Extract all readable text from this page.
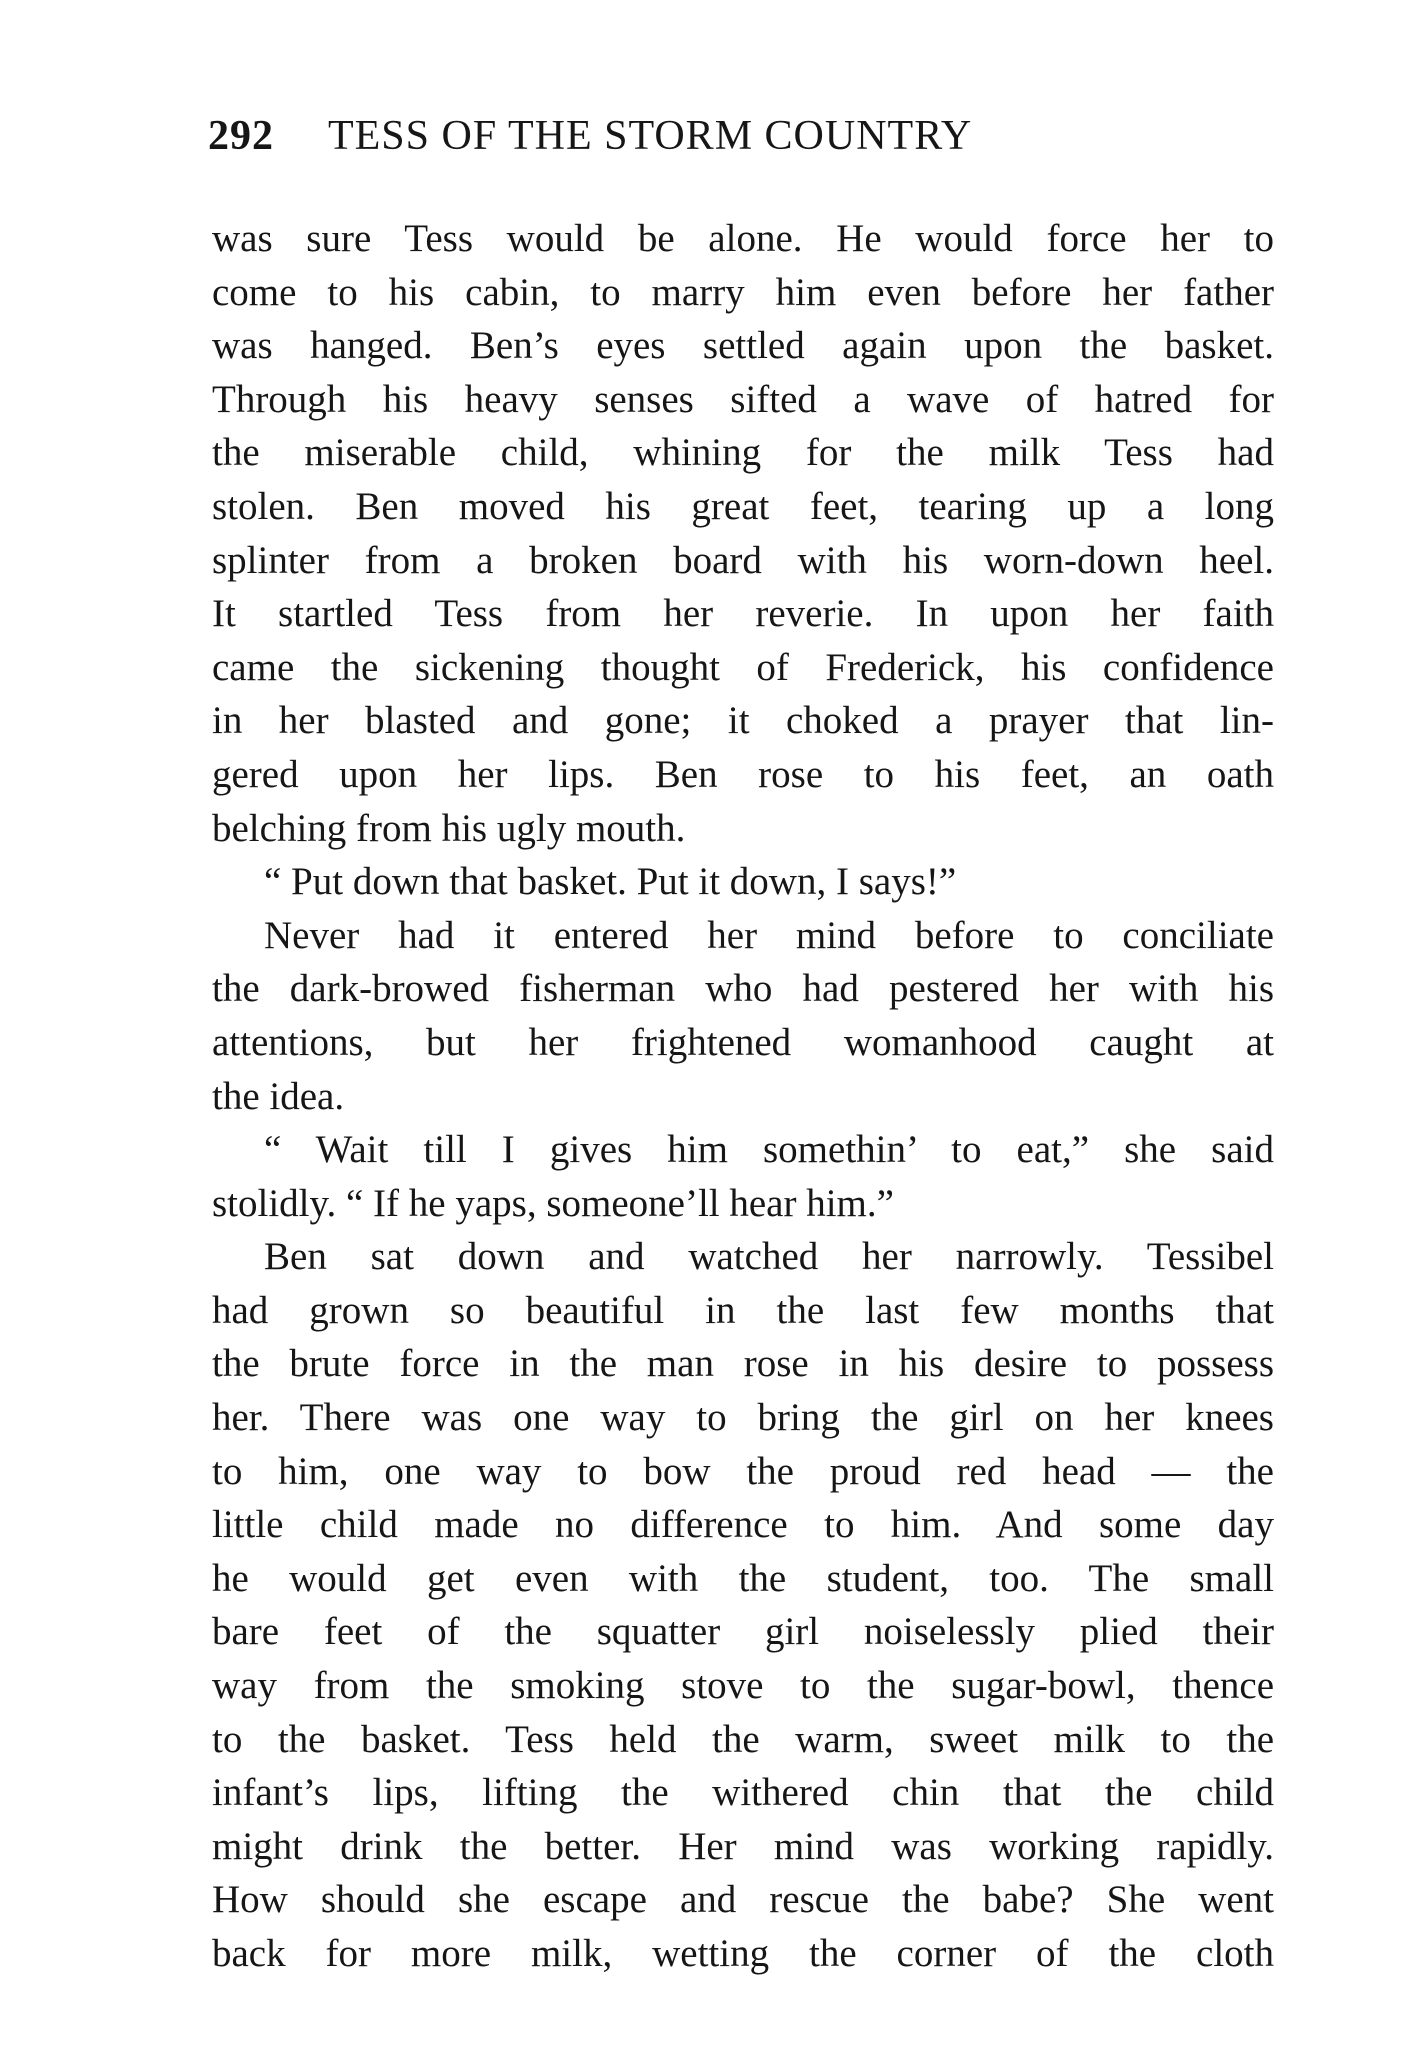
292 TESS OF THE STORM COUNTRY
was sure Tess would be alone. He would force her to
come to his cabin, to marry him even before her father
was hanged. Ben’s eyes settled again upon the basket.
Through his heavy senses sifted a wave of hatred for
the miserable child, whining for the milk Tess had
stolen. Ben moved his great feet, tearing up a long
splinter from a broken board with his worn-down heel.
It startled Tess from her reverie. In upon her faith
came the sickening thought of Frederick, his confidence
in her blasted and gone; it choked a prayer that lin-
gered upon her lips. Ben rose to his feet, an oath
belching from his ugly mouth.
“ Put down that basket. Put it down, I says!”
Never had it entered her mind before to conciliate
the dark-browed fisherman who had pestered her with his
attentions, but her frightened womanhood caught at
the idea.
“ Wait till I gives him somethin’ to eat,” she said
stolidly. “ If he yaps, someone’ll hear him.”
Ben sat down and watched her narrowly. Tessibel
had grown so beautiful in the last few months that
the brute force in the man rose in his desire to possess
her. There was one way to bring the girl on her knees
to him, one way to bow the proud red head — the
little child made no difference to him. And some day
he would get even with the student, too. The small
bare feet of the squatter girl noiselessly plied their
way from the smoking stove to the sugar-bowl, thence
to the basket. Tess held the warm, sweet milk to the
infant’s lips, lifting the withered chin that the child
might drink the better. Her mind was working rapidly.
How should she escape and rescue the babe? She went
back for more milk, wetting the corner of the cloth
